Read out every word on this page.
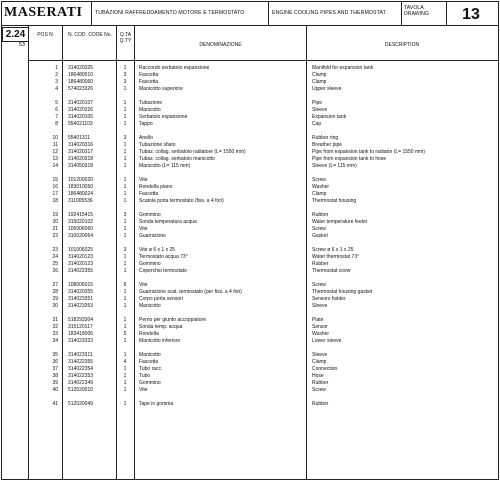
MASERATI TUBAZIONI RAFFREDDAMENTO MOTORE E TERMOSTATO	ENGINE COOLING PIPES AND THERMOSTAT
TAVOLA
DRAWING	13
2.24
53
POS N	N. COD. CODE No.	Q.TA Q.TY
DENOMINAZIONE	DESCRIPTION
1 314020325	1	Raccordo serbatoio espansione	Manifold for expansion tank
2 186480010	3	Fascetta	Clamp
3 186480060	3	Fascetta	Clamp
4 574023326	1	Manicotto superiore	Upper sleeve
5 314020107	1	Tubazione	Pipe
6 314020326	1	Manicotto	Sleeve
7 314020105	1	Serbatoio espansione	Expansion tank
8 554021103	1	Tappo	Cap
10 55401311	3	Anello	Rubber ring
11 314020316	1	Tubazione sfiato	Breather pipe
12 314020317	1	Tubaz. collag. serbatoio radiatore (L= 1550 mm)	Pipe from expansion tank to radiator (L= 1550 mm)
13 314020318	1	Tubaz. collag. serbatoio manicotto	Pipe from expansion tank to hose
14 314050318	1	Manicotto (L= 115 mm)	Sleeve (L= 115 mm)
15 101200020	1	Vite	Screw
16 183010050	1	Rondella piano	Washer
17 186480024	1	Fascetta	Clamp
18 311005536	1	Scatola porta termostato (fiss. a 4 fori)	Thermostat housing
19 192415415	3	Gommino	Rubber
20 315020102	1	Sonda temperatura acqua	Water temperature feeler
21 105006060	1	Vite	Screw
22 310020064	1	Guarnizione	Gasket
23 101006025	3	Vite ø 6 x 1 x 25	Screw ø 6 x 1 x 25
24 314020123	1	Termostato acqua 73°	Water thermostat 73°
25 314020123	1	Gommino	Rubber
26 314022355	1	Coperchio termostato	Thermostat cover
27 108006015	6	Vite	Screw
28 314020355	1	Guarnizione scat. termostato (per fiss. a 4 fori)	Thermostat housing gasket
29 314023351	1	Corpo porta sensori	Sensors holder
30 314023353	1	Manicotto	Sleeve
31 518293304	1	Perno per giunto accoppiatore	Plate
32 315120117	1	Sonda temp. acqua	Sensor
33 183418006	5	Rondella	Washer
34 314023323	1	Manicotto inferiore	Lower sleeve
35 314023311	1	Manicotto	Sleeve
36 314022355	4	Fascetta	Clamp
37 314022354	1	Tubo racc.	Connection
38 314022353	1	Tubo	Hose
39 314022349	1	Gommino	Rubber
40 512020010	1	Vite	Screw
41 512020049	1	Tape in gomma	Rubber
